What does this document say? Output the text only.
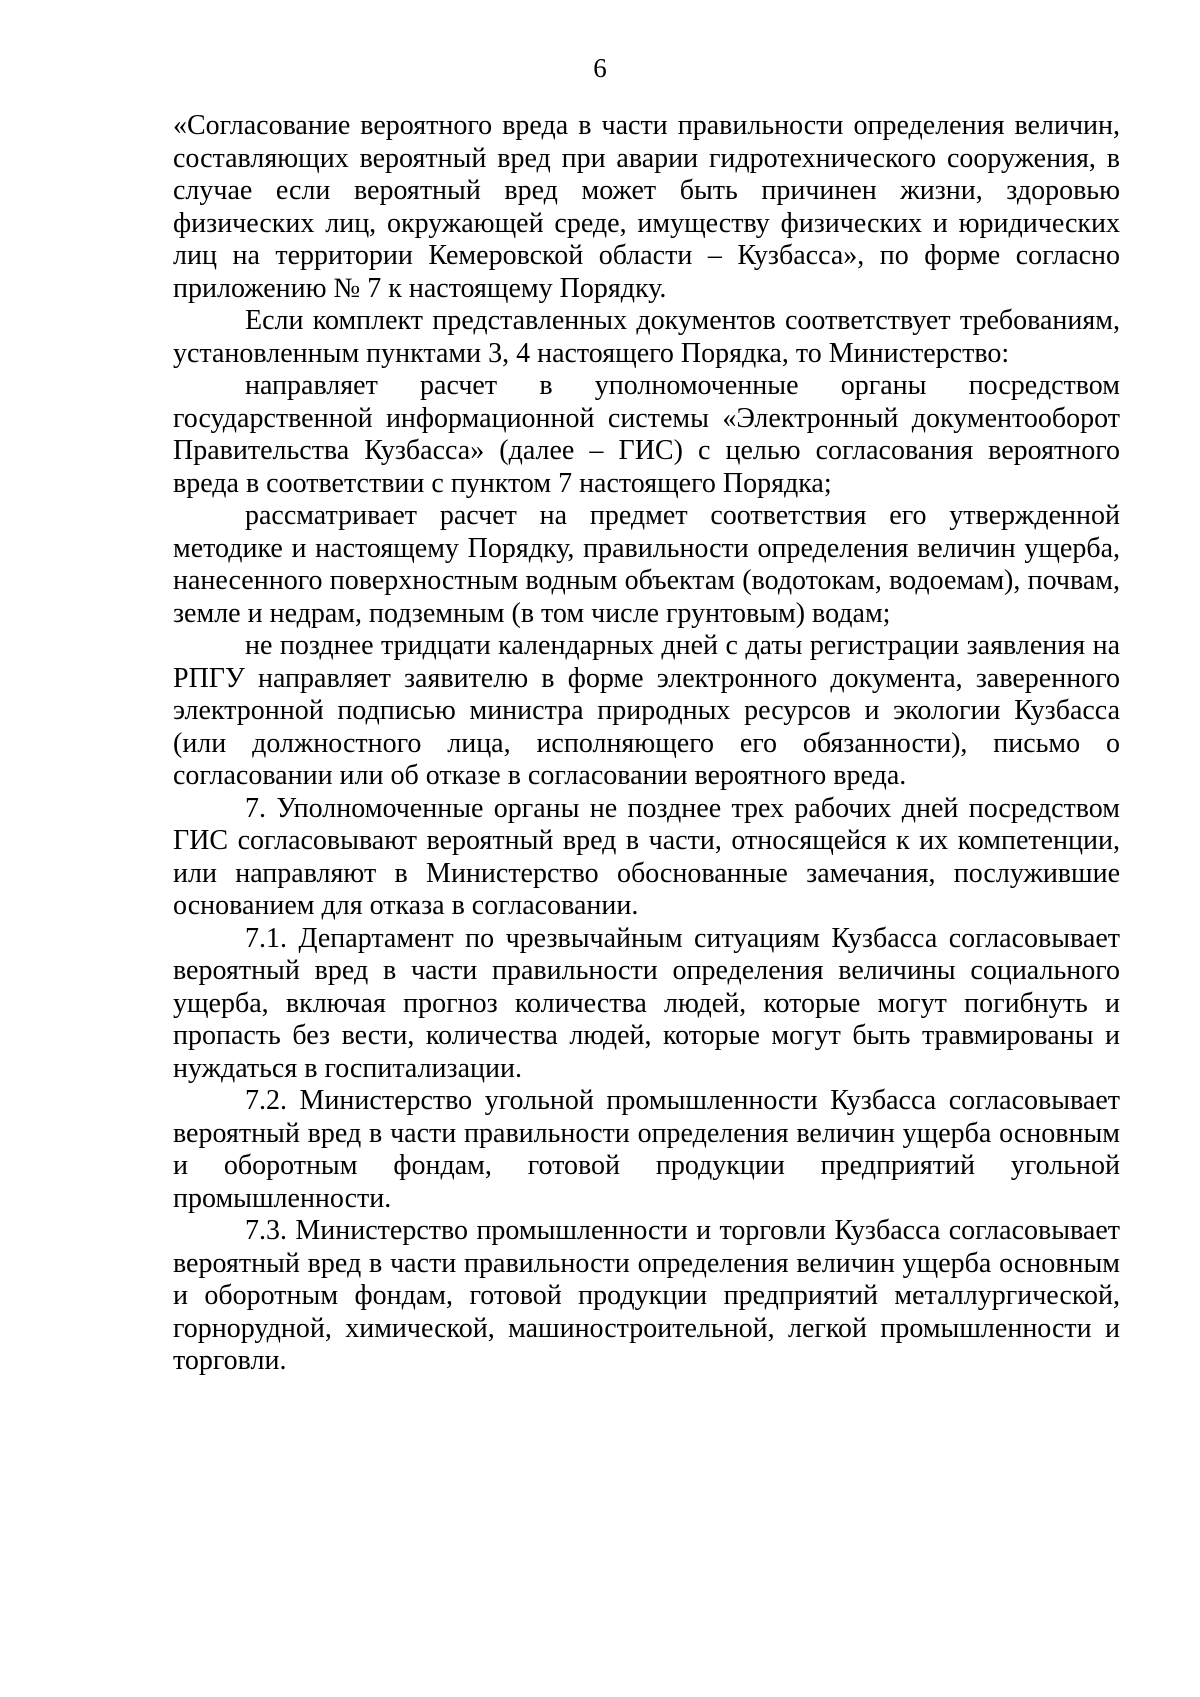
6

«Согласование вероятного вреда в части правильности определения величин, составляющих вероятный вред при аварии гидротехнического сооружения, в случае если вероятный вред может быть причинен жизни, здоровью физических лиц, окружающей среде, имуществу физических и юридических лиц на территории Кемеровской области – Кузбасса», по форме согласно приложению № 7 к настоящему Порядку.

Если комплект представленных документов соответствует требованиям, установленным пунктами 3, 4 настоящего Порядка, то Министерство:

направляет расчет в уполномоченные органы посредством государственной информационной системы «Электронный документооборот Правительства Кузбасса» (далее – ГИС) с целью согласования вероятного вреда в соответствии с пунктом 7 настоящего Порядка;

рассматривает расчет на предмет соответствия его утвержденной методике и настоящему Порядку, правильности определения величин ущерба, нанесенного поверхностным водным объектам (водотокам, водоемам), почвам, земле и недрам, подземным (в том числе грунтовым) водам;

не позднее тридцати календарных дней с даты регистрации заявления на РПГУ направляет заявителю в форме электронного документа, заверенного электронной подписью министра природных ресурсов и экологии Кузбасса (или должностного лица, исполняющего его обязанности), письмо о согласовании или об отказе в согласовании вероятного вреда.

7. Уполномоченные органы не позднее трех рабочих дней посредством ГИС согласовывают вероятный вред в части, относящейся к их компетенции, или направляют в Министерство обоснованные замечания, послужившие основанием для отказа в согласовании.

7.1. Департамент по чрезвычайным ситуациям Кузбасса согласовывает вероятный вред в части правильности определения величины социального ущерба, включая прогноз количества людей, которые могут погибнуть и пропасть без вести, количества людей, которые могут быть травмированы и нуждаться в госпитализации.

7.2. Министерство угольной промышленности Кузбасса согласовывает вероятный вред в части правильности определения величин ущерба основным и оборотным фондам, готовой продукции предприятий угольной промышленности.

7.3. Министерство промышленности и торговли Кузбасса согласовывает вероятный вред в части правильности определения величин ущерба основным и оборотным фондам, готовой продукции предприятий металлургической, горнорудной, химической, машиностроительной, легкой промышленности и торговли.
